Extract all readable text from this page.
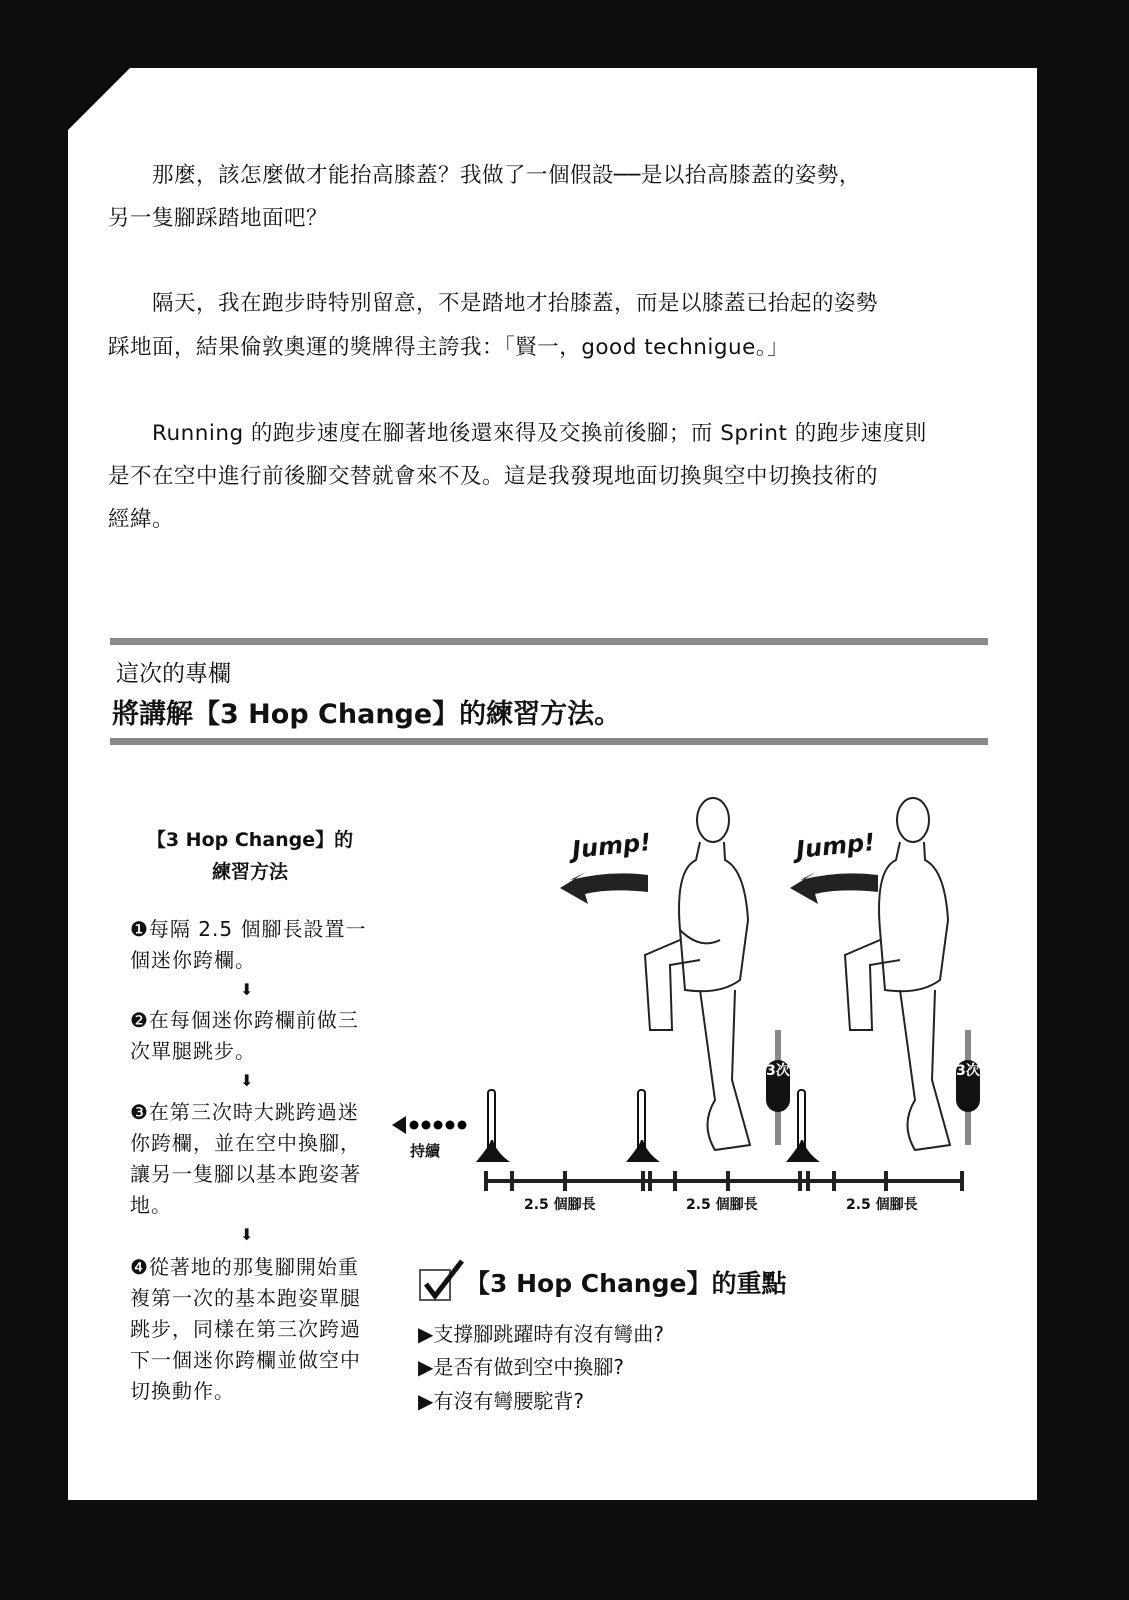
　　那麼，該怎麼做才能抬高膝蓋？我做了一個假設──是以抬高膝蓋的姿勢，
另一隻腳踩踏地面吧？
　　隔天，我在跑步時特別留意，不是踏地才抬膝蓋，而是以膝蓋已抬起的姿勢
踩地面，結果倫敦奧運的獎牌得主誇我：「賢一，good technigue。」
　　Running 的跑步速度在腳著地後還來得及交換前後腳；而 Sprint 的跑步速度則
是不在空中進行前後腳交替就會來不及。這是我發現地面切換與空中切換技術的
經緯。
這次的專欄
將講解【3 Hop Change】的練習方法。
【3 Hop Change】的
練習方法
❶每隔 2.5 個腳長設置一個迷你跨欄。
⬇
❷在每個迷你跨欄前做三次單腿跳步。
⬇
❸在第三次時大跳跨過迷你跨欄，並在空中換腳，讓另一隻腳以基本跑姿著地。
⬇
❹從著地的那隻腳開始重複第一次的基本跑姿單腿跳步，同樣在第三次跨過下一個迷你跨欄並做空中切換動作。
Jump!	Jump!
持續
3次	3次
2.5 個腳長	2.5 個腳長	2.5 個腳長
【3 Hop Change】的重點
▶支撐腳跳躍時有沒有彎曲?
▶是否有做到空中換腳?
▶有沒有彎腰駝背?
